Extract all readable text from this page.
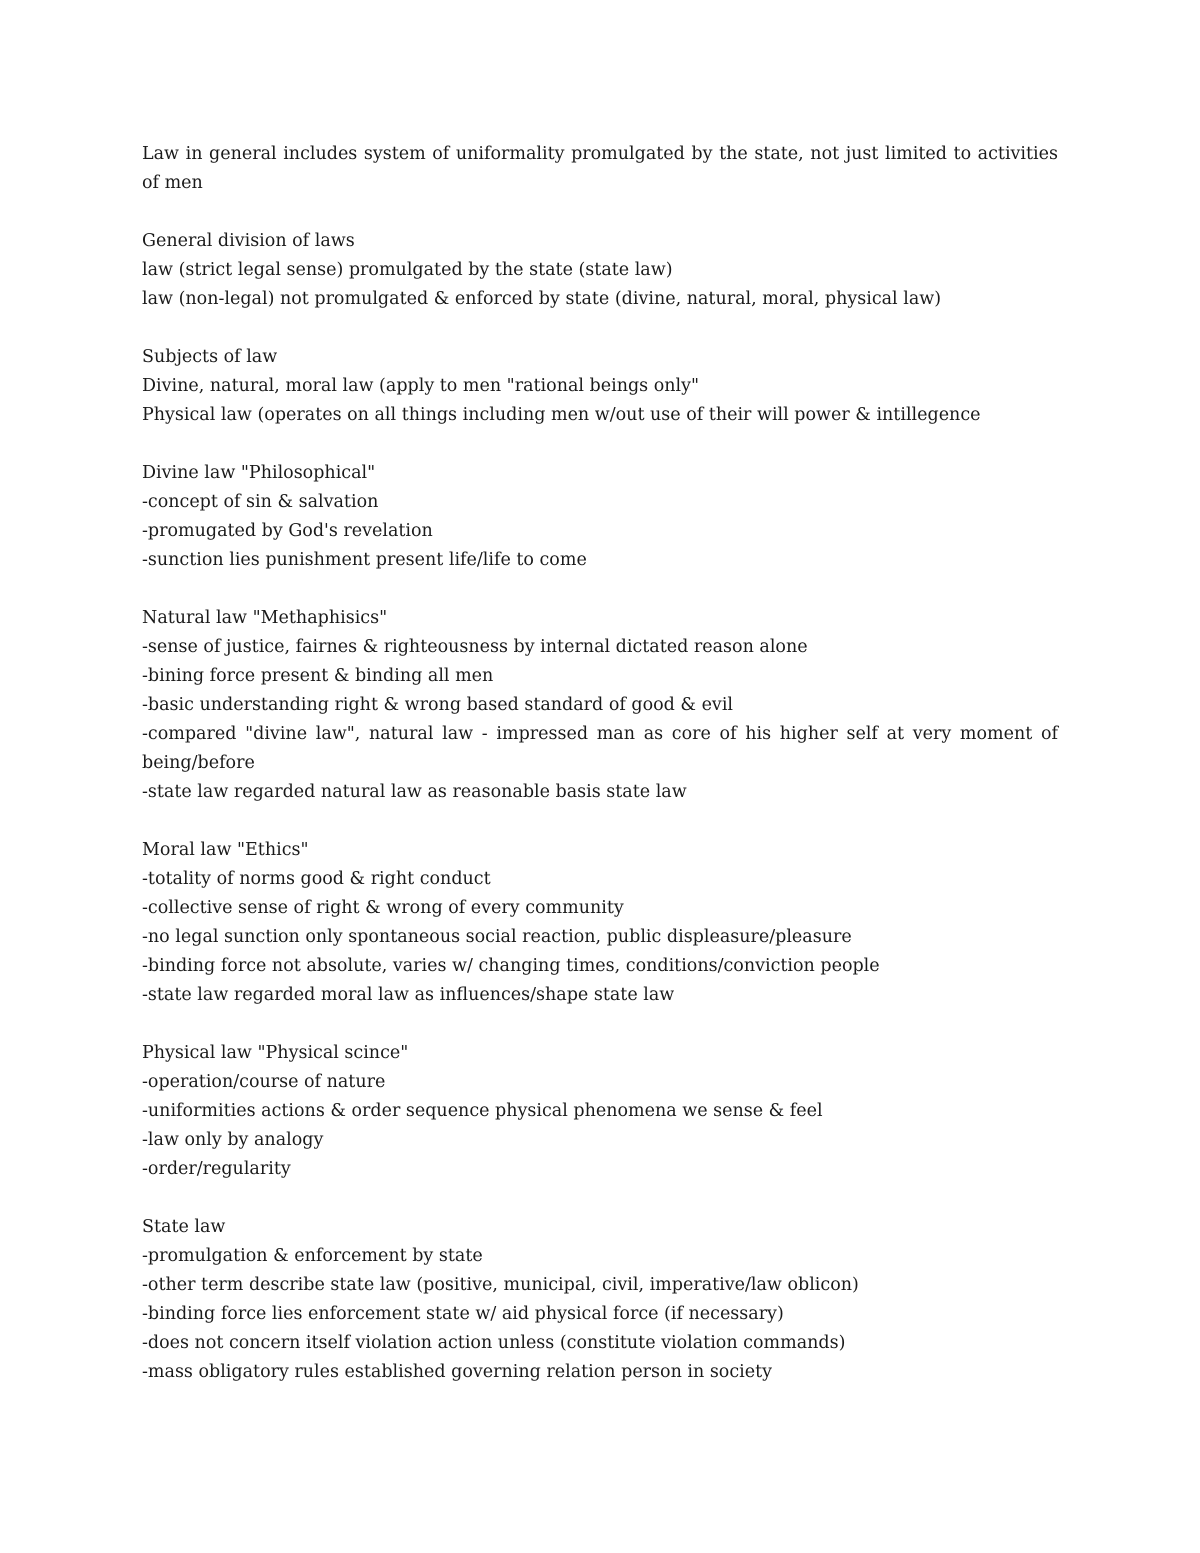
Law in general includes system of uniformality promulgated by the state, not just limited to activities of men

General division of laws
law (strict legal sense) promulgated by the state (state law)
law (non-legal) not promulgated & enforced by state (divine, natural, moral, physical law)
Subjects of law
Divine, natural, moral law (apply to men "rational beings only"
Physical law (operates on all things including men w/out use of their will power & intillegence
Divine law "Philosophical"
-concept of sin & salvation
-promugated by God's revelation
-sunction lies punishment present life/life to come
Natural law "Methaphisics"
-sense of justice, fairnes & righteousness by internal dictated reason alone
-bining force present & binding all men
-basic understanding right & wrong based standard of good & evil
-compared "divine law", natural law - impressed man as core of his higher self at very moment of being/before
-state law regarded natural law as reasonable basis state law
Moral law "Ethics"
-totality of norms good & right conduct
-collective sense of right & wrong of every community
-no legal sunction only spontaneous social reaction, public displeasure/pleasure
-binding force not absolute, varies w/ changing times, conditions/conviction people
-state law regarded moral law as influences/shape state law
Physical law "Physical scince"
-operation/course of nature
-uniformities actions & order sequence physical phenomena we sense & feel
-law only by analogy
-order/regularity
State law
-promulgation & enforcement by state
-other term describe state law (positive, municipal, civil, imperative/law oblicon)
-binding force lies enforcement state w/ aid physical force (if necessary)
-does not concern itself violation action unless (constitute violation commands)
-mass obligatory rules established governing relation person in society
